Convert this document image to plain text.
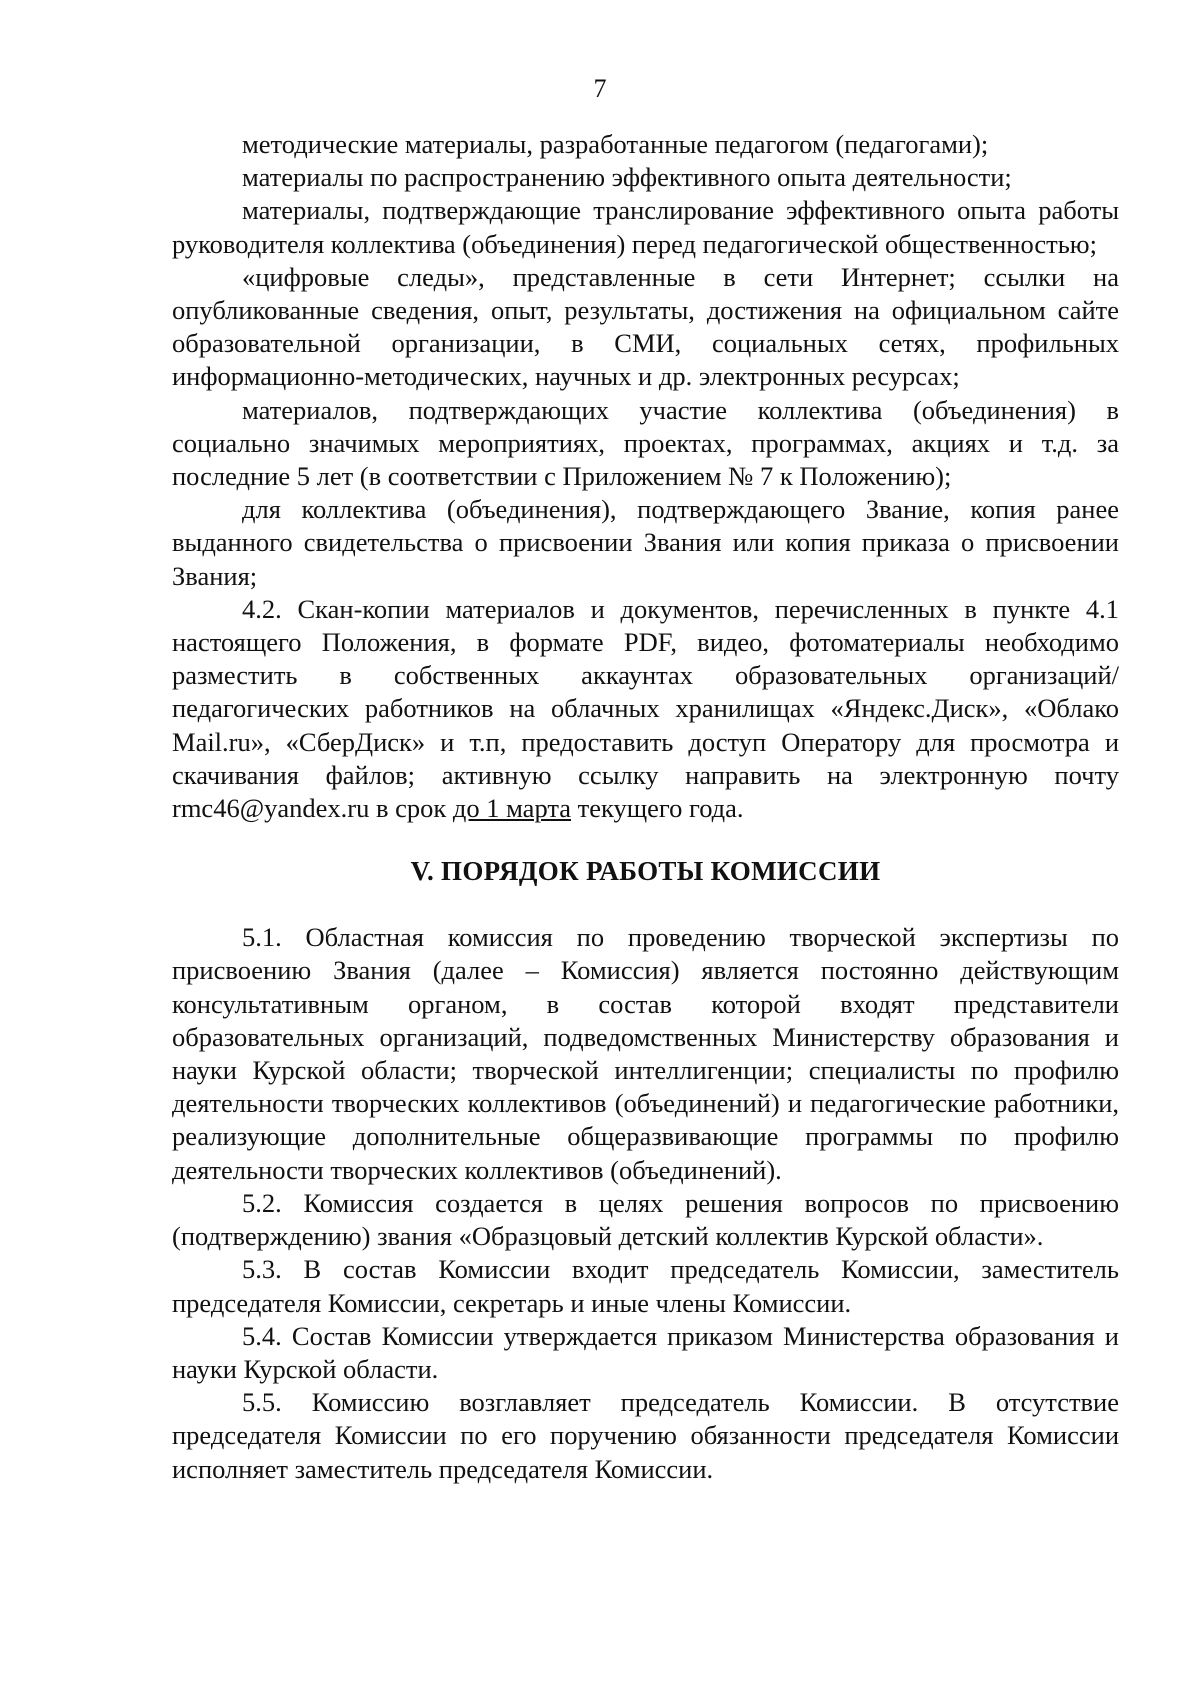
7

методические материалы, разработанные педагогом (педагогами);

материалы по распространению эффективного опыта деятельности;

материалы, подтверждающие транслирование эффективного опыта работы руководителя коллектива (объединения) перед педагогической общественностью;

«цифровые следы», представленные в сети Интернет; ссылки на опубликованные сведения, опыт, результаты, достижения на официальном сайте образовательной организации, в СМИ, социальных сетях, профильных информационно-методических, научных и др. электронных ресурсах;

материалов, подтверждающих участие коллектива (объединения) в социально значимых мероприятиях, проектах, программах, акциях и т.д. за последние 5 лет (в соответствии с Приложением № 7 к Положению);

для коллектива (объединения), подтверждающего Звание, копия ранее выданного свидетельства о присвоении Звания или копия приказа о присвоении Звания;

4.2. Скан-копии материалов и документов, перечисленных в пункте 4.1 настоящего Положения, в формате PDF, видео, фотоматериалы необходимо разместить в собственных аккаунтах образовательных организаций/педагогических работников на облачных хранилищах «Яндекс.Диск», «Облако Mail.ru», «СберДиск» и т.п, предоставить доступ Оператору для просмотра и скачивания файлов; активную ссылку направить на электронную почту rmc46@yandex.ru в срок до 1 марта текущего года.

V. ПОРЯДОК РАБОТЫ КОМИССИИ

5.1. Областная комиссия по проведению творческой экспертизы по присвоению Звания (далее – Комиссия) является постоянно действующим консультативным органом, в состав которой входят представители образовательных организаций, подведомственных Министерству образования и науки Курской области; творческой интеллигенции; специалисты по профилю деятельности творческих коллективов (объединений) и педагогические работники, реализующие дополнительные общеразвивающие программы по профилю деятельности творческих коллективов (объединений).

5.2. Комиссия создается в целях решения вопросов по присвоению (подтверждению) звания «Образцовый детский коллектив Курской области».

5.3. В состав Комиссии входит председатель Комиссии, заместитель председателя Комиссии, секретарь и иные члены Комиссии.

5.4. Состав Комиссии утверждается приказом Министерства образования и науки Курской области.

5.5. Комиссию возглавляет председатель Комиссии. В отсутствие председателя Комиссии по его поручению обязанности председателя Комиссии исполняет заместитель председателя Комиссии.
